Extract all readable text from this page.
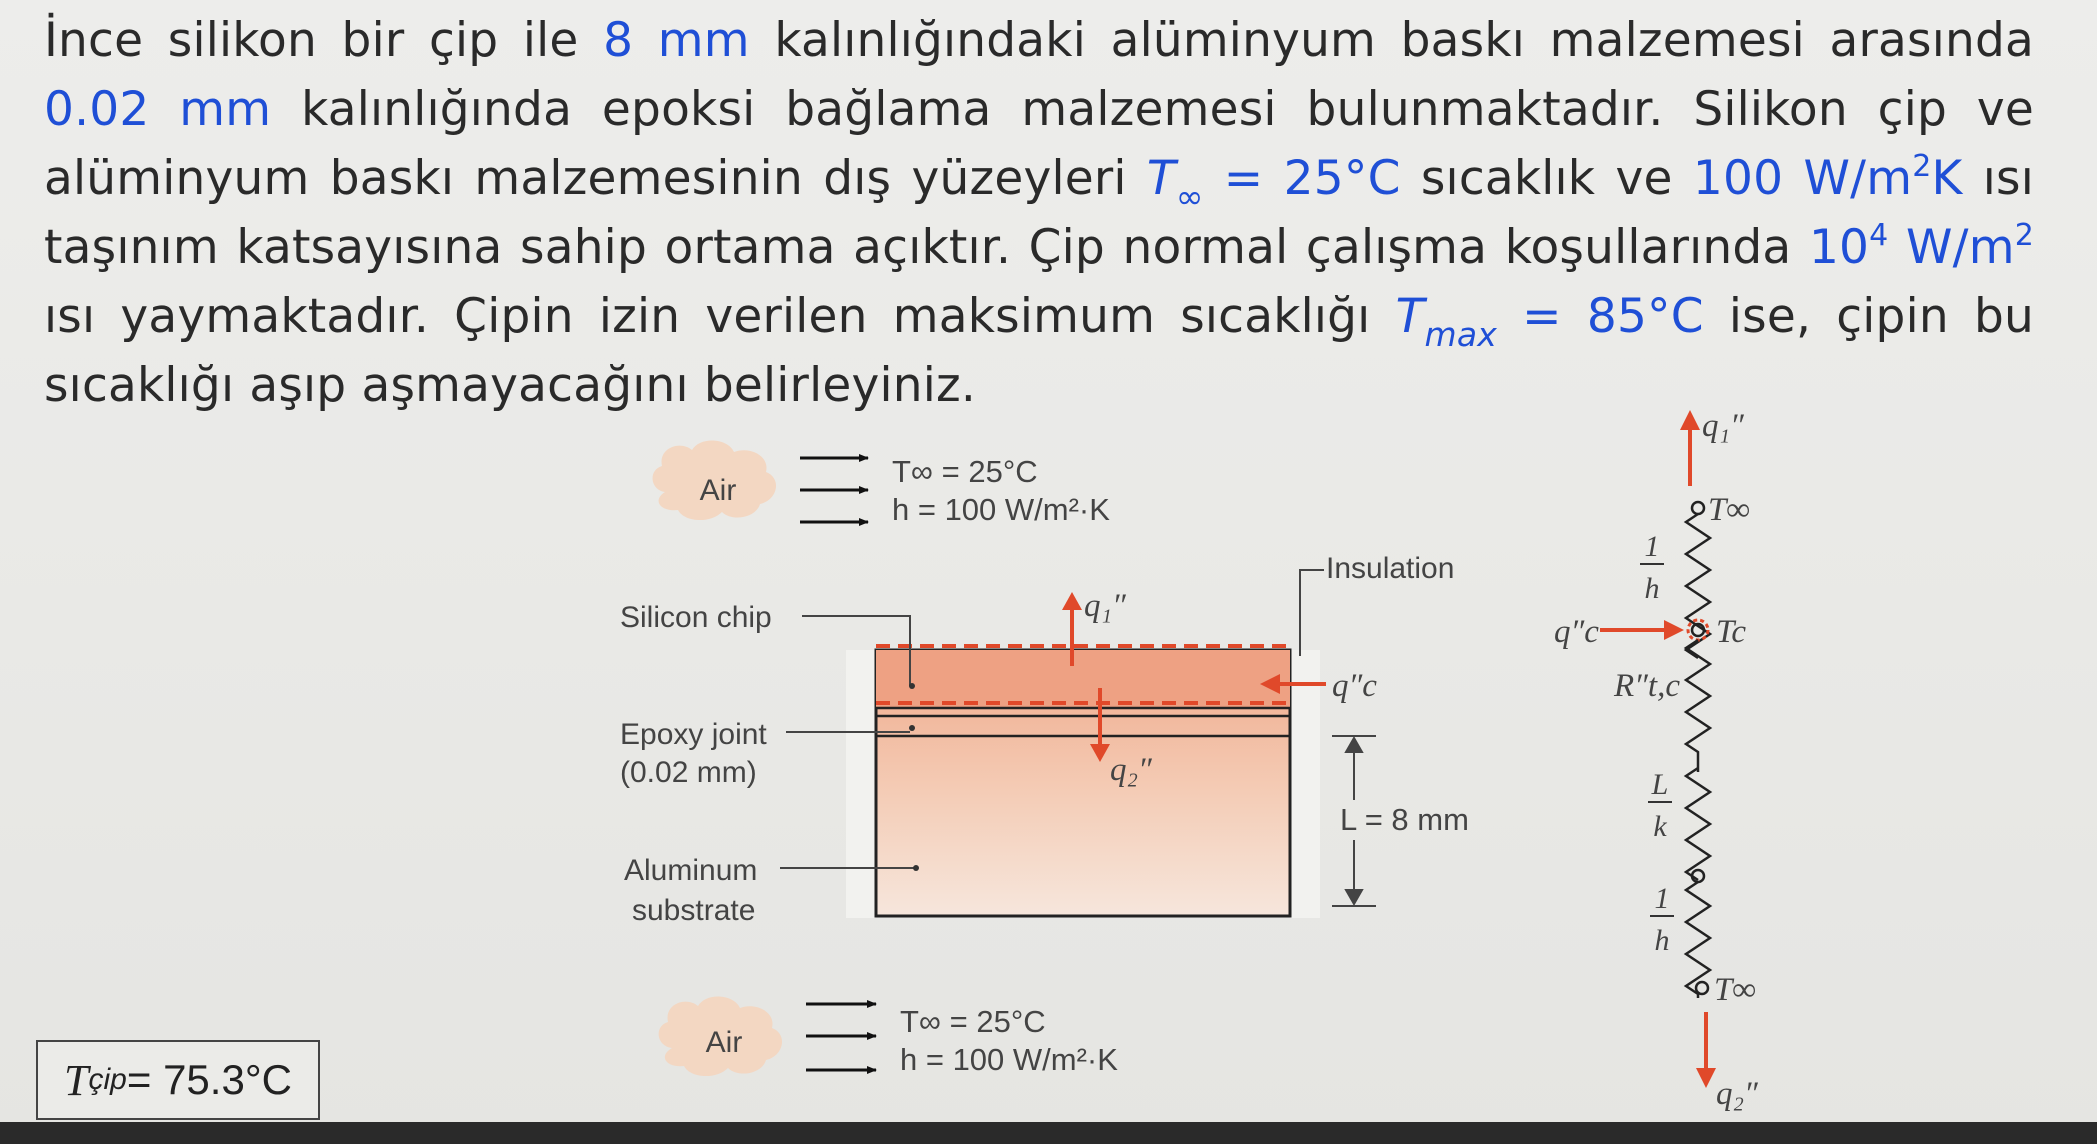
İnce silikon bir çip ile 8 mm kalınlığındaki alüminyum baskı malzemesi arasında 0.02 mm kalınlığında epoksi bağlama malzemesi bulunmaktadır. Silikon çip ve alüminyum baskı malzemesinin dış yüzeyleri $T_\infty = 25^\circ C$ sıcaklık ve 100 $W/m^2K$ ısı taşınım katsayısına sahip ortama açıktır. Çip normal çalışma koşullarında $10^4$ $W/m^2$ ısı yaymaktadır. Çipin izin verilen maksimum sıcaklığı $T_{max} = 85^\circ C$ ise, çipin bu sıcaklığı aşıp aşmayacağını belirleyiniz.
Air
T∞ = 25°C
h = 100 W/m²·K
q₁″
q₂″
q″c
Silicon chip
Epoxy joint
(0.02 mm)
Aluminum
substrate
Insulation
L = 8 mm
Air
T∞ = 25°C
h = 100 W/m²·K
q₁″
T∞
1
h
q″c	Tc
R″t,c
L
k
1
h
T∞
q₂″
T çip = 75.3°C
